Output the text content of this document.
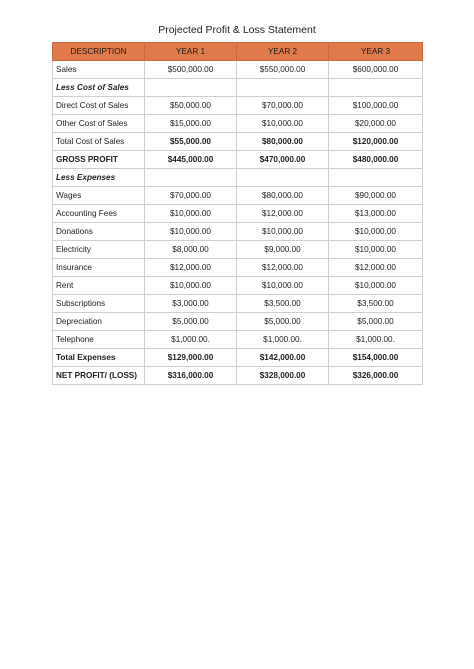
Projected Profit & Loss Statement
DESCRIPTION	YEAR 1	YEAR 2	YEAR 3
Sales	$500,000.00	$550,000.00	$600,000.00
Less Cost of Sales			
Direct Cost of Sales	$50,000.00	$70,000.00	$100,000.00
Other Cost of Sales	$15,000.00	$10,000.00	$20,000.00
Total Cost of Sales	$55,000.00	$80,000.00	$120,000.00
GROSS PROFIT	$445,000.00	$470,000.00	$480,000.00
Less Expenses			
Wages	$70,000.00	$80,000.00	$90,000.00
Accounting Fees	$10,000.00	$12,000.00	$13,000.00
Donations	$10,000.00	$10,000.00	$10,000.00
Electricity	$8,000.00	$9,000.00	$10,000.00
Insurance	$12,000.00	$12,000.00	$12,000.00
Rent	$10,000.00	$10,000.00	$10,000.00
Subscriptions	$3,000.00	$3,500.00	$3,500.00
Depreciation	$5,000.00	$5,000.00	$5,000.00
Telephone	$1,000.00.	$1,000.00.	$1,000.00.
Total Expenses	$129,000.00	$142,000.00	$154,000.00
NET PROFIT/ (LOSS)	$316,000.00	$328,000.00	$326,000.00
